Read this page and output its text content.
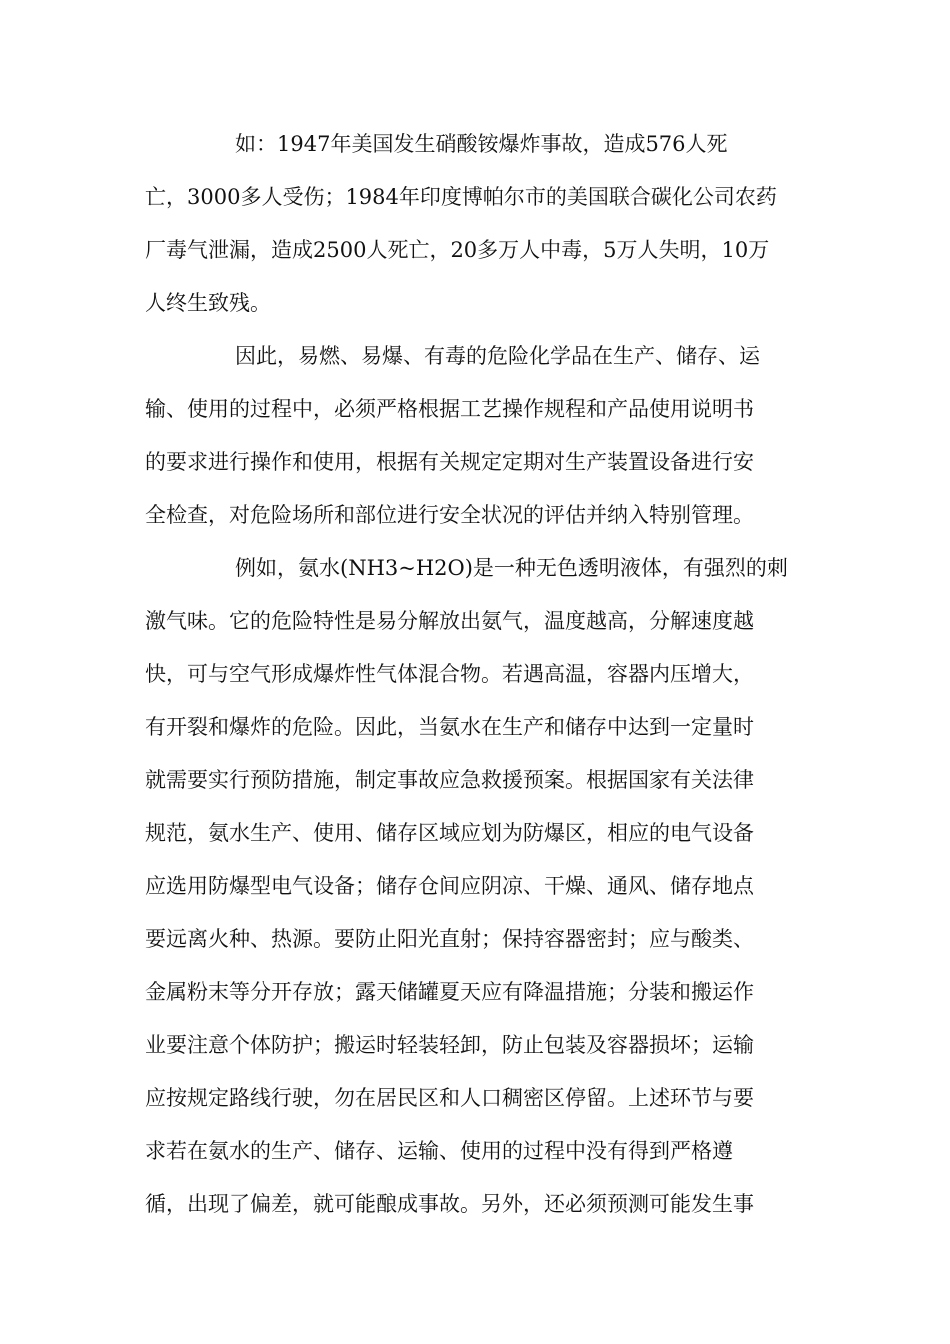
如：1947年美国发生硝酸铵爆炸事故，造成576人死
亡，3000多人受伤；1984年印度博帕尔市的美国联合碳化公司农药
厂毒气泄漏，造成2500人死亡，20多万人中毒，5万人失明，10万
人终生致残。
因此，易燃、易爆、有毒的危险化学品在生产、储存、运
输、使用的过程中，必须严格根据工艺操作规程和产品使用说明书
的要求进行操作和使用，根据有关规定定期对生产装置设备进行安
全检查，对危险场所和部位进行安全状况的评估并纳入特别管理。
例如，氨水(NH3~H2O)是一种无色透明液体，有强烈的刺
激气味。它的危险特性是易分解放出氨气，温度越高，分解速度越
快，可与空气形成爆炸性气体混合物。若遇高温，容器内压增大，
有开裂和爆炸的危险。因此，当氨水在生产和储存中达到一定量时
就需要实行预防措施，制定事故应急救援预案。根据国家有关法律
规范，氨水生产、使用、储存区域应划为防爆区，相应的电气设备
应选用防爆型电气设备；储存仓间应阴凉、干燥、通风、储存地点
要远离火种、热源。要防止阳光直射；保持容器密封；应与酸类、
金属粉末等分开存放；露天储罐夏天应有降温措施；分装和搬运作
业要注意个体防护；搬运时轻装轻卸，防止包装及容器损坏；运输
应按规定路线行驶，勿在居民区和人口稠密区停留。上述环节与要
求若在氨水的生产、储存、运输、使用的过程中没有得到严格遵
循，出现了偏差，就可能酿成事故。另外，还必须预测可能发生事
